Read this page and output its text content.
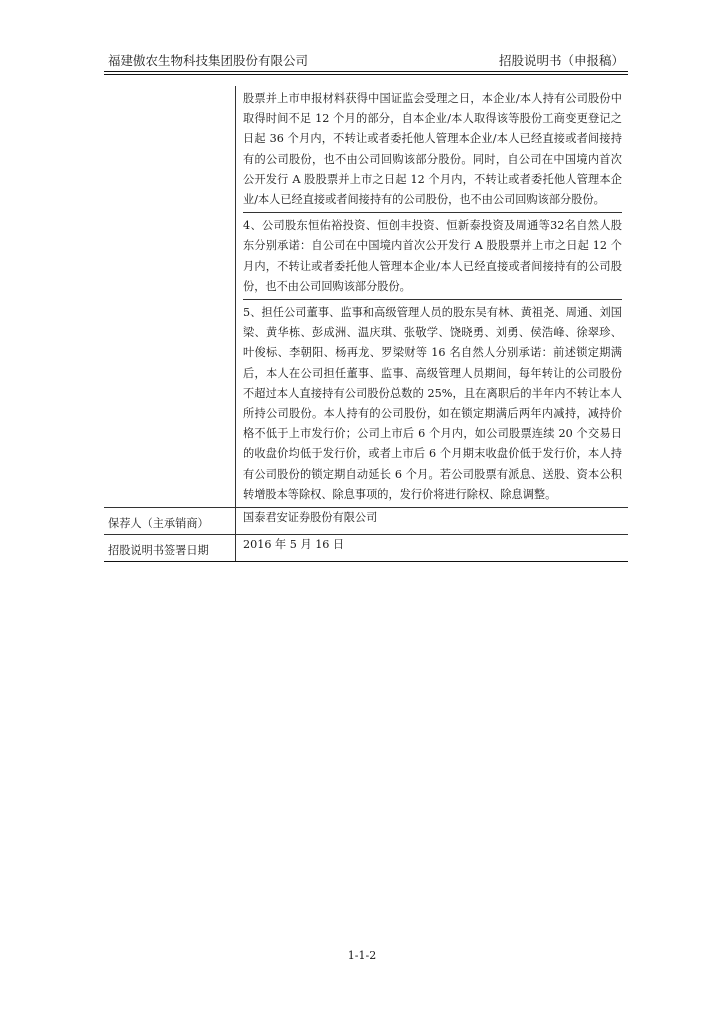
福建傲农生物科技集团股份有限公司	招股说明书（申报稿）

	股票并上市申报材料获得中国证监会受理之日，本企业/本人持有公司股份中取得时间不足 12 个月的部分，自本企业/本人取得该等股份工商变更登记之日起 36 个月内，不转让或者委托他人管理本企业/本人已经直接或者间接持有的公司股份，也不由公司回购该部分股份。同时，自公司在中国境内首次公开发行 A 股股票并上市之日起 12 个月内，不转让或者委托他人管理本企业/本人已经直接或者间接持有的公司股份，也不由公司回购该部分股份。

4、公司股东恒佑裕投资、恒创丰投资、恒新泰投资及周通等32名自然人股东分别承诺：自公司在中国境内首次公开发行 A 股股票并上市之日起 12 个月内，不转让或者委托他人管理本企业/本人已经直接或者间接持有的公司股份，也不由公司回购该部分股份。

5、担任公司董事、监事和高级管理人员的股东吴有林、黄祖尧、周通、刘国梁、黄华栋、彭成洲、温庆琪、张敬学、饶晓勇、刘勇、侯浩峰、徐翠珍、叶俊标、李朝阳、杨再龙、罗梁财等 16 名自然人分别承诺：前述锁定期满后，本人在公司担任董事、监事、高级管理人员期间，每年转让的公司股份不超过本人直接持有公司股份总数的 25%，且在离职后的半年内不转让本人所持公司股份。本人持有的公司股份，如在锁定期满后两年内减持，减持价格不低于上市发行价；公司上市后 6 个月内，如公司股票连续 20 个交易日的收盘价均低于发行价，或者上市后 6 个月期末收盘价低于发行价，本人持有公司股份的锁定期自动延长 6 个月。若公司股票有派息、送股、资本公积转增股本等除权、除息事项的，发行价将进行除权、除息调整。

保荐人（主承销商）	国泰君安证券股份有限公司
招股说明书签署日期	2016 年 5 月 16 日
1-1-2
